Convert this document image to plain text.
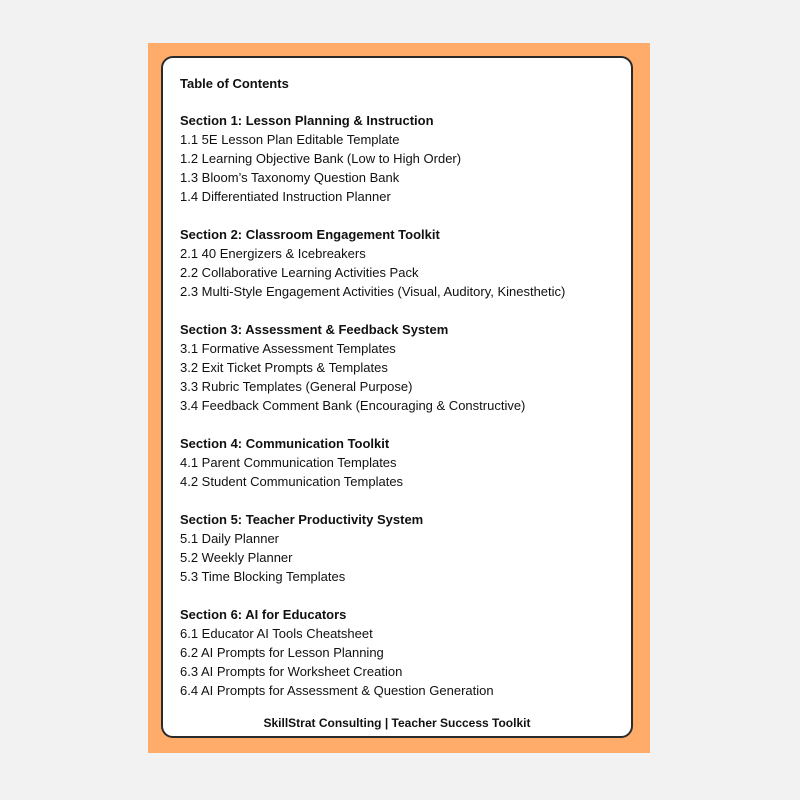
Table of Contents
Section 1: Lesson Planning & Instruction
1.1 5E Lesson Plan Editable Template
1.2 Learning Objective Bank (Low to High Order)
1.3 Bloom’s Taxonomy Question Bank
1.4 Differentiated Instruction Planner
Section 2: Classroom Engagement Toolkit
2.1 40 Energizers & Icebreakers
2.2 Collaborative Learning Activities Pack
2.3 Multi-Style Engagement Activities (Visual, Auditory, Kinesthetic)
Section 3: Assessment & Feedback System
3.1 Formative Assessment Templates
3.2 Exit Ticket Prompts & Templates
3.3 Rubric Templates (General Purpose)
3.4 Feedback Comment Bank (Encouraging & Constructive)
Section 4: Communication Toolkit
4.1 Parent Communication Templates
4.2 Student Communication Templates
Section 5: Teacher Productivity System
5.1 Daily Planner
5.2 Weekly Planner
5.3 Time Blocking Templates
Section 6: AI for Educators
6.1 Educator AI Tools Cheatsheet
6.2 AI Prompts for Lesson Planning
6.3 AI Prompts for Worksheet Creation
6.4 AI Prompts for Assessment & Question Generation
SkillStrat Consulting | Teacher Success Toolkit
